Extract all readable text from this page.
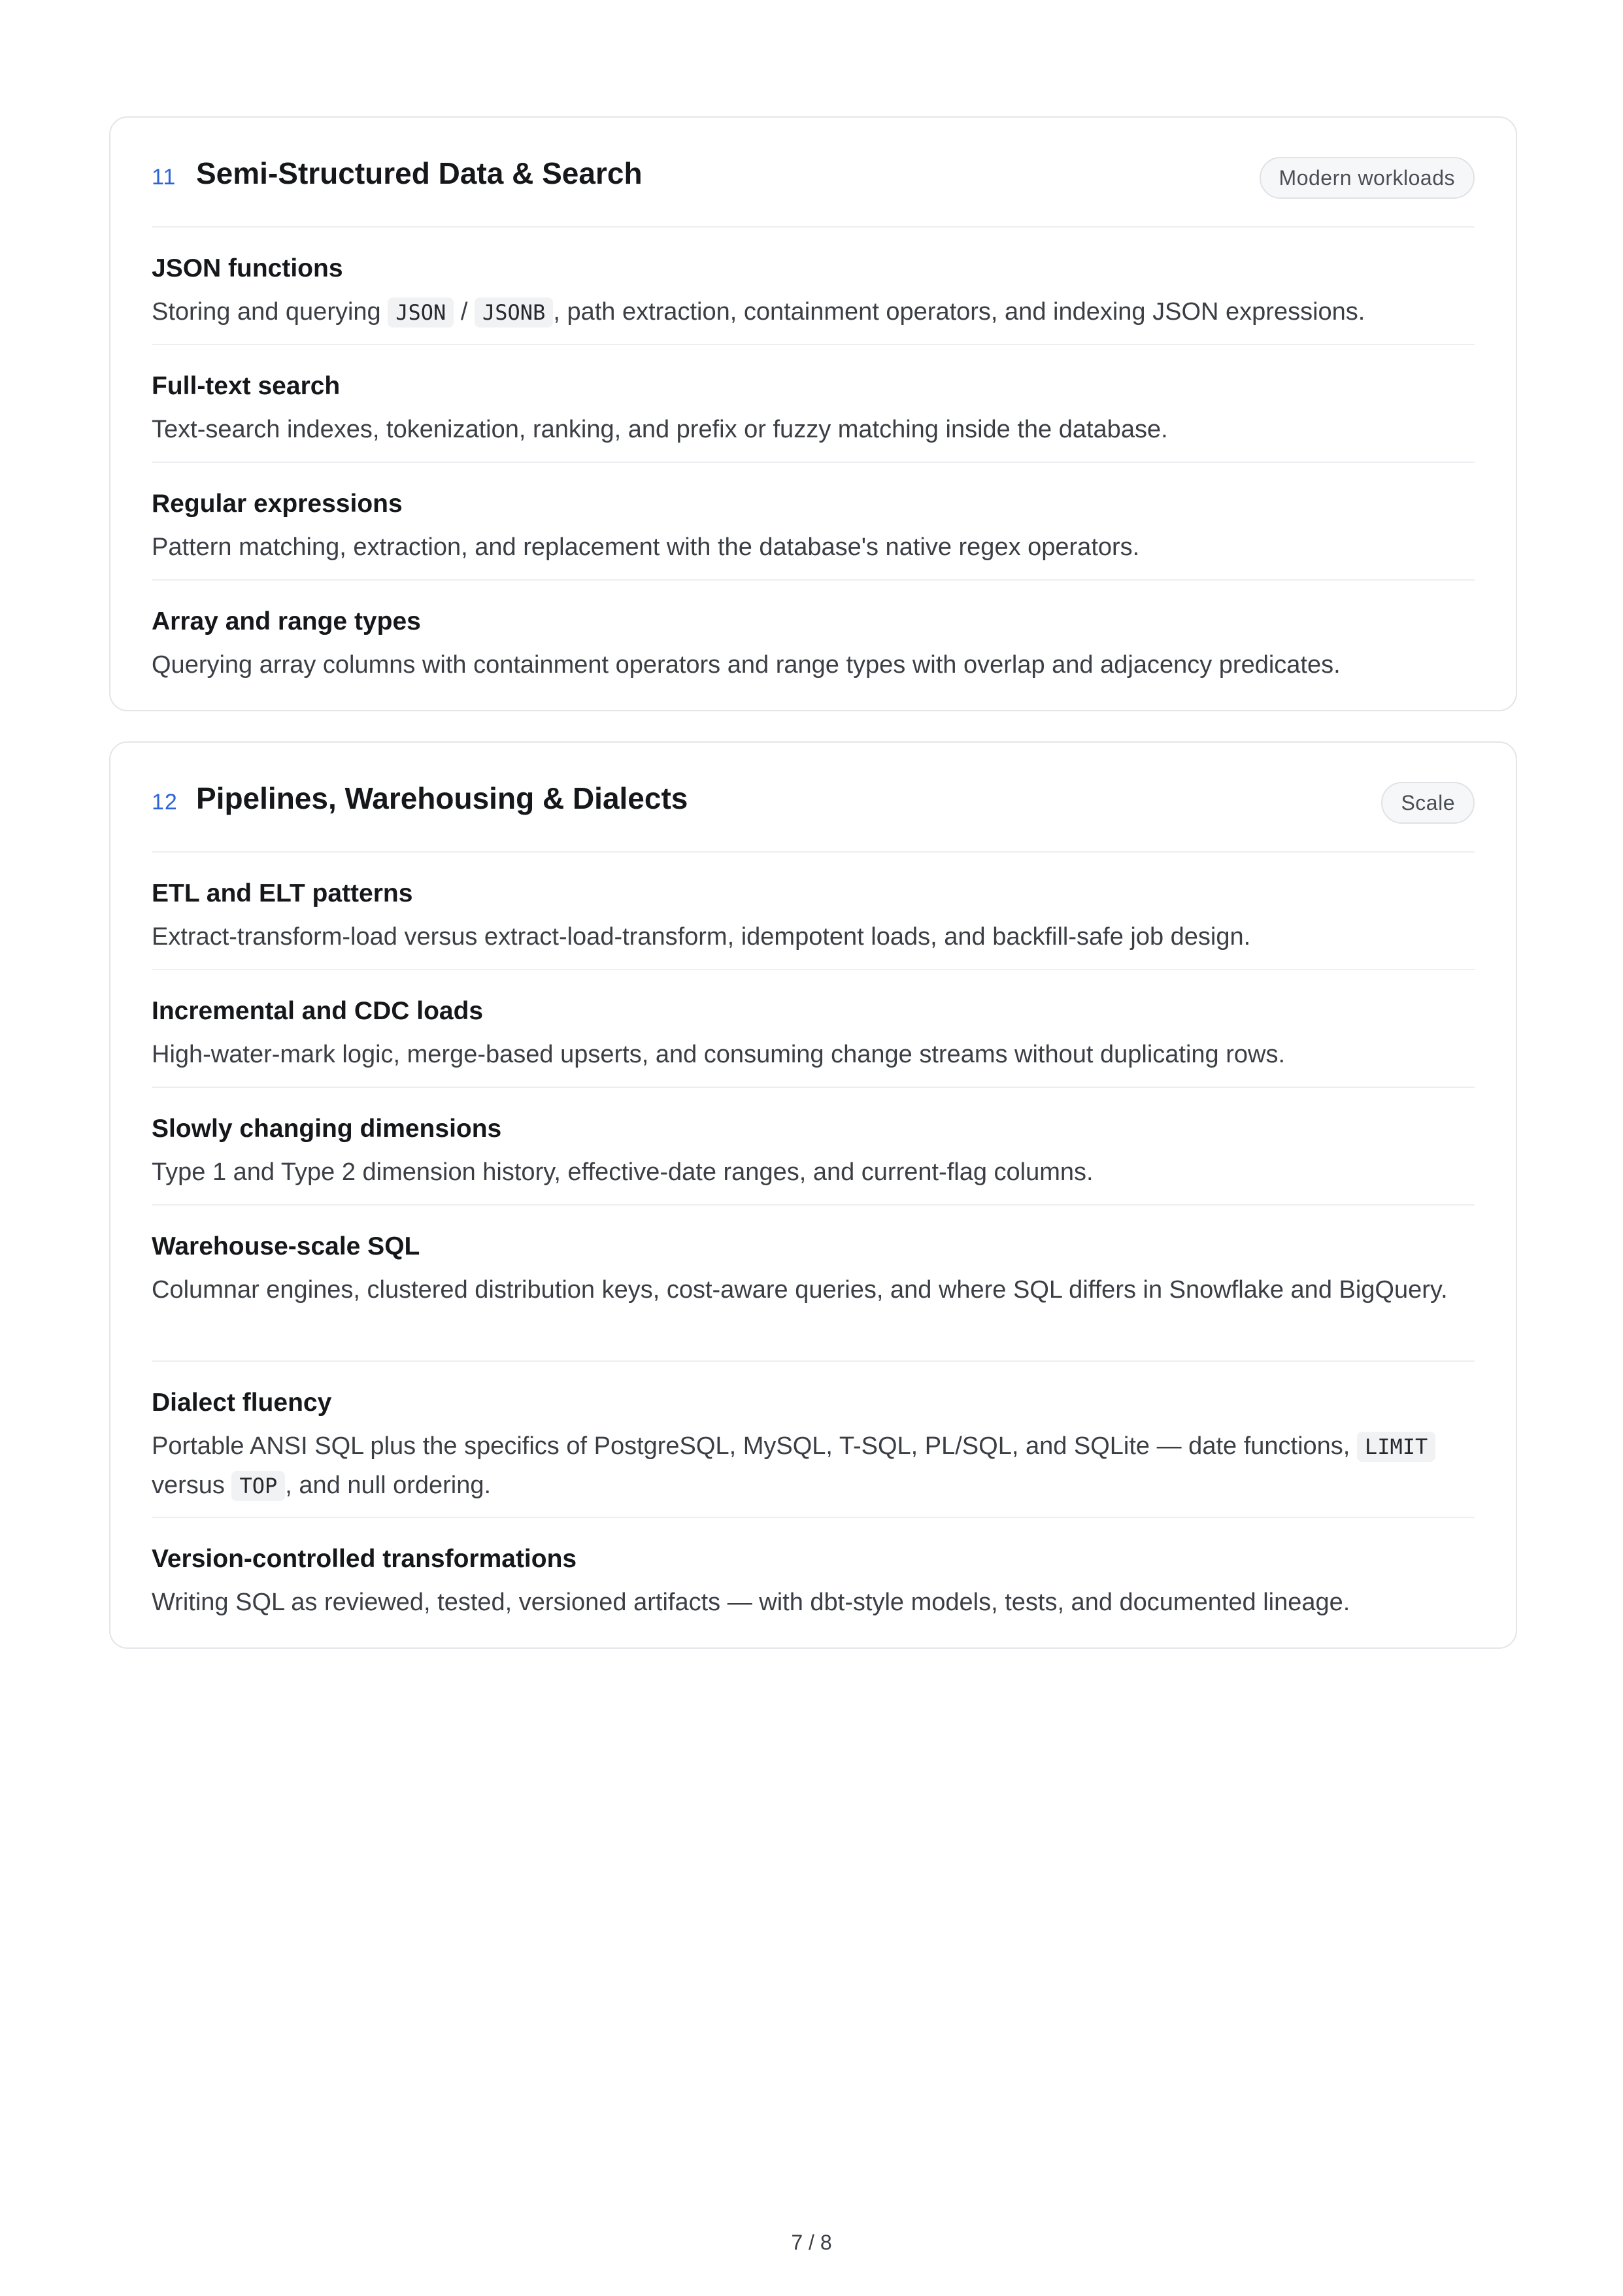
11 Semi-Structured Data & Search	Modern workloads

JSON functions

Storing and querying JSON / JSONB , path extraction, containment operators, and indexing JSON expressions.

Full-text search

Text-search indexes, tokenization, ranking, and prefix or fuzzy matching inside the database.

Regular expressions

Pattern matching, extraction, and replacement with the database's native regex operators.

Array and range types

Querying array columns with containment operators and range types with overlap and adjacency predicates.

12 Pipelines, Warehousing & Dialects	Scale

ETL and ELT patterns

Extract-transform-load versus extract-load-transform, idempotent loads, and backfill-safe job design.

Incremental and CDC loads

High-water-mark logic, merge-based upserts, and consuming change streams without duplicating rows.

Slowly changing dimensions

Type 1 and Type 2 dimension history, effective-date ranges, and current-flag columns.

Warehouse-scale SQL

Columnar engines, clustered distribution keys, cost-aware queries, and where SQL differs in Snowflake and BigQuery.

Dialect fluency

Portable ANSI SQL plus the specifics of PostgreSQL, MySQL, T-SQL, PL/SQL, and SQLite — date functions, LIMIT versus TOP , and null ordering.

Version-controlled transformations

Writing SQL as reviewed, tested, versioned artifacts — with dbt-style models, tests, and documented lineage.

7 / 8
